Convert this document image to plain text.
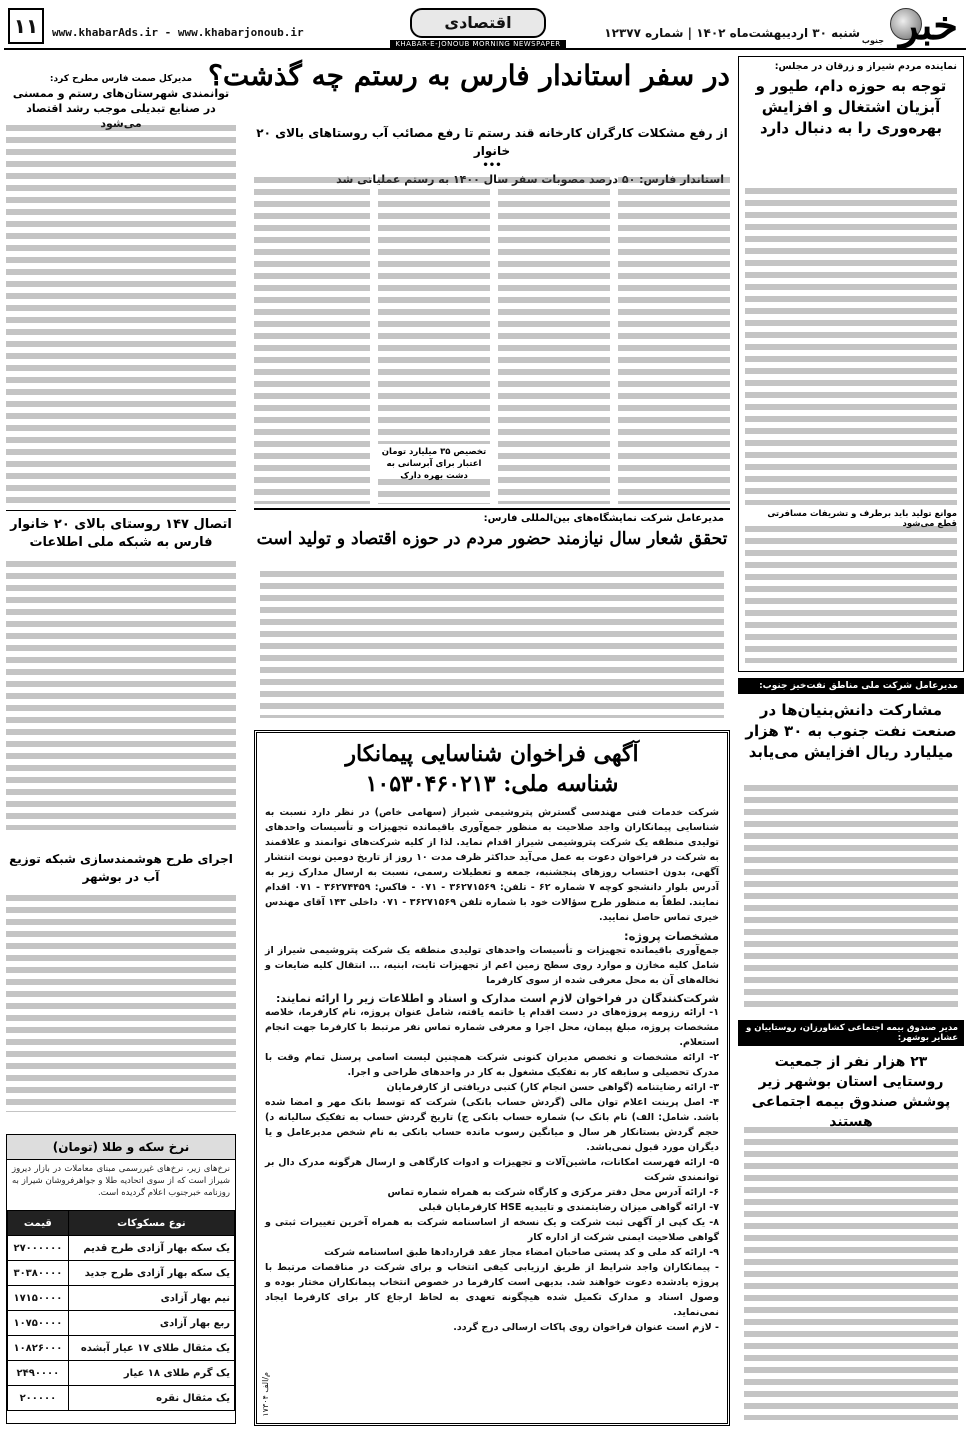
خبر
جنوب
شنبه ۳۰ اردیبهشت‌ماه ۱۴۰۲ | شماره ۱۲۳۷۷
اقتصادی
KHABAR-E-JONOUB MORNING NEWSPAPER
www.khabarAds.ir - www.khabarjonoub.ir
۱۱
نماینده مردم شیراز و زرقان در مجلس:
توجه به حوزه دام، طیور و آبزیان اشتغال و افزایش بهره‌وری را به دنبال دارد
موانع تولید باید برطرف و تشریفات مسافرتی قطع می‌شود
در سفر استاندار فارس به رستم چه گذشت؟
از رفع مشکلات کارگران کارخانه قند رستم تا رفع مصائب آب روستاهای بالای ۲۰ خانوار
•••
استاندار فارس: ۵۰ درصد مصوبات سفر سال ۱۴۰۰ به رستم عملیاتی شد
تخصیص ۳۵ میلیارد تومان اعتبار برای آبرسانی به دشت بهره دارک
مدیرکل صمت فارس مطرح کرد:
توانمندی شهرستان‌های رستم و ممسنی در صنایع تبدیلی موجب رشد اقتصاد می‌شود
اتصال ۱۴۷ روستای بالای ۲۰ خانوار فارس به شبکه ملی اطلاعات
اجرای طرح هوشمندسازی شبکه توزیع آب در بوشهر
نرخ سکه و طلا (تومان)
نرخ‌های زیر، نرخ‌های غیررسمی مبنای معاملات در بازار دیروز شیراز است که از سوی اتحادیه طلا و جواهرفروشان شیراز به روزنامه خبرجنوب اعلام گردیده است.
نوع مسکوکات	قیمت
یک سکه بهار آزادی طرح قدیم	۲۷۰۰۰۰۰۰
یک سکه بهار آزادی طرح جدید	۳۰۳۸۰۰۰۰
نیم بهار آزادی	۱۷۱۵۰۰۰۰
ربع بهار آزادی	۱۰۷۵۰۰۰۰
یک مثقال طلای ۱۷ عیار آبشده	۱۰۸۲۶۰۰۰
یک گرم طلای ۱۸ عیار	۲۴۹۰۰۰۰
یک مثقال نقره	۲۰۰۰۰۰
مدیرعامل شرکت نمایشگاه‌های بین‌المللی فارس:
تحقق شعار سال نیازمند حضور مردم در حوزه اقتصاد و تولید است
مدیرعامل شرکت ملی مناطق نفت‌خیز جنوب:
مشارکت دانش‌بنیان‌ها در صنعت نفت جنوب به ۳۰ هزار میلیارد ریال افزایش می‌یابد
مدیر صندوق بیمه اجتماعی کشاورزان، روستاییان و عشایر بوشهر:
۲۳ هزار نفر از جمعیت روستایی استان بوشهر زیر پوشش صندوق بیمه اجتماعی هستند
آگهی فراخوان شناسایی پیمانکار
شناسه ملی: ۱۰۵۳۰۴۶۰۲۱۳
شرکت خدمات فنی مهندسی گسترش پتروشیمی شیراز (سهامی خاص) در نظر دارد نسبت به شناسایی پیمانکاران واجد صلاحیت به منظور جمع‌آوری باقیمانده تجهیزات و تأسیسات واحدهای تولیدی منطقه یک شرکت پتروشیمی شیراز اقدام نماید. لذا از کلیه شرکت‌های توانمند و علاقمند به شرکت در فراخوان دعوت به عمل می‌آید حداکثر ظرف مدت ۱۰ روز از تاریخ دومین نوبت انتشار آگهی، بدون احتساب روزهای پنجشنبه، جمعه و تعطیلات رسمی، نسبت به ارسال مدارک زیر به آدرس بلوار دانشجو کوچه ۷ شماره ۶۲ - تلفن: ۳۶۲۷۱۵۶۹ - ۰۷۱ - فاکس: ۳۶۲۷۴۴۵۹ - ۰۷۱ اقدام نمایند. لطفاً به منظور طرح سؤالات خود با شماره تلفن ۳۶۲۷۱۵۶۹ - ۰۷۱ داخلی ۱۴۳ آقای مهندس خیری تماس حاصل نمایید.
مشخصات پروژه:
جمع‌آوری باقیمانده تجهیزات و تأسیسات واحدهای تولیدی منطقه یک شرکت پتروشیمی شیراز از شامل کلیه مخازن و موارد روی سطح زمین اعم از تجهیزات ثابت، ابنیه، ... انتقال کلیه ضایعات و نخاله‌های آن به محل معرفی شده از سوی کارفرما
شرکت‌کنندگان در فراخوان لازم است مدارک و اسناد و اطلاعات زیر را ارائه نمایند:
۱- ارائه رزومه پروژه‌های در دست اقدام یا خاتمه یافته، شامل عنوان پروژه، نام کارفرما، خلاصه مشخصات پروژه، مبلغ پیمان، محل اجرا و معرفی شماره تماس نفر مرتبط با کارفرما جهت انجام استعلام.
۲- ارائه مشخصات و تخصص مدیران کنونی شرکت همچنین لیست اسامی پرسنل تمام وقت با مدرک تحصیلی و سابقه کار به تفکیک مشغول به کار در واحدهای طراحی و اجرا.
۳- ارائه رضایتنامه (گواهی حسن انجام کار) کتبی دریافتی از کارفرمایان
۴- اصل پرینت اعلام توان مالی (گردش حساب بانکی) شرکت که توسط بانک مهر و امضا شده باشد. شامل: الف) نام بانک ب) شماره حساب بانکی ج) تاریخ گردش حساب به تفکیک سالیانه د) حجم گردش بستانکار هر سال و میانگین رسوب مانده حساب بانکی به نام شخص مدیرعامل و یا دیگران مورد قبول نمی‌باشد.
۵- ارائه فهرست امکانات، ماشین‌آلات و تجهیزات و ادوات کارگاهی و ارسال هرگونه مدرک دال بر توانمندی شرکت
۶- ارائه آدرس محل دفتر مرکزی و کارگاه شرکت به همراه شماره تماس
۷- ارائه گواهی میزان رضایتمندی و تاییدیه HSE کارفرمایان قبلی
۸- یک کپی از آگهی ثبت شرکت و یک نسخه از اساسنامه شرکت به همراه آخرین تغییرات ثبتی و گواهی صلاحیت ایمنی شرکت از اداره کار
۹- ارائه کد ملی و کد پستی صاحبان امضاء مجاز عقد قرارداد‌ها طبق اساسنامه شرکت
- پیمانکاران واجد شرایط از طریق ارزیابی کیفی انتخاب و برای شرکت در مناقصات مرتبط با پروژه یادشده دعوت خواهند شد. بدیهی است کارفرما در خصوص انتخاب پیمانکاران مختار بوده و وصول اسناد و مدارک تکمیل شده هیچگونه تعهدی به لحاظ ارجاع کار برای کارفرما ایجاد نمی‌نماید.
- لازم است عنوان فراخوان روی پاکات ارسالی درج گردد.
م/الف ۱۷۳۰۴
